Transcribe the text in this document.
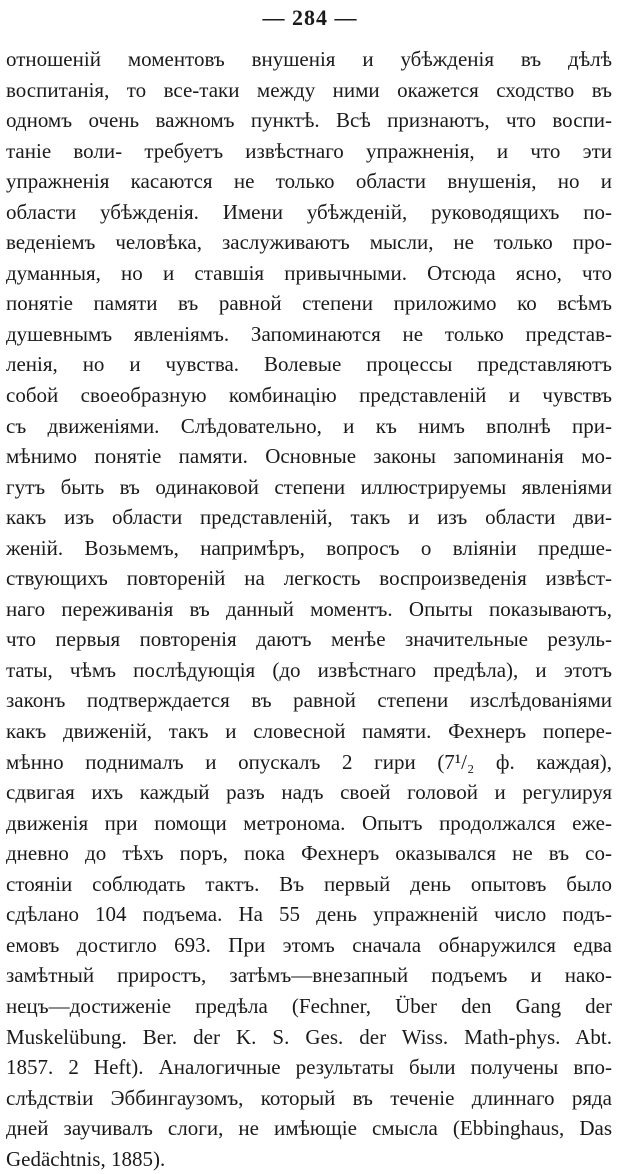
— 284 —
отношенiй моментовъ внушенiя и убѣжденiя въ дѣлѣ
воспитанiя, то все-таки между ними окажется сходство въ
одномъ очень важномъ пунктѣ. Всѣ признаютъ, что воспи-
танiе воли- требуетъ извѣстнаго упражненiя, и что эти
упражненiя касаются не только области внушенiя, но и
области убѣжденiя. Имени убѣжденiй, руководящихъ по-
веденiемъ человѣка, заслуживаютъ мысли, не только про-
думанныя, но и ставшiя привычными. Отсюда ясно, что
понятiе памяти въ равной степени приложимо ко всѣмъ
душевнымъ явленiямъ. Запоминаются не только представ-
ленiя, но и чувства. Волевые процессы представляютъ
собой своеобразную комбинацiю представленiй и чувствъ
съ движенiями. Слѣдовательно, и къ нимъ вполнѣ при-
мѣнимо понятiе памяти. Основные законы запоминанiя мо-
гутъ быть въ одинаковой степени иллюстрируемы явленiями
какъ изъ области представленiй, такъ и изъ области дви-
женiй. Возьмемъ, напримѣръ, вопросъ о влiянiи предше-
ствующихъ повторенiй на легкость воспроизведенiя извѣст-
наго переживанiя въ данный моментъ. Опыты показываютъ,
что первыя повторенiя даютъ менѣе значительные резуль-
таты, чѣмъ послѣдующiя (до извѣстнаго предѣла), и этотъ
законъ подтверждается въ равной степени изслѣдованiями
какъ движенiй, такъ и словесной памяти. Фехнеръ попере-
мѣнно поднималъ и опускалъ 2 гири (7¹/₂ ф. каждая),
сдвигая ихъ каждый разъ надъ своей головой и регулируя
движенiя при помощи метронома. Опытъ продолжался еже-
дневно до тѣхъ поръ, пока Фехнеръ оказывался не въ со-
стоянiи соблюдать тактъ. Въ первый день опытовъ было
сдѣлано 104 подъема. На 55 день упражненiй число подъ-
емовъ достигло 693. При этомъ сначала обнаружился едва
замѣтный приростъ, затѣмъ—внезапный подъемъ и нако-
нецъ—достиженiе предѣла (Fechner, Über den Gang der
Muskelübung. Ber. der K. S. Ges. der Wiss. Math-phys. Abt.
1857. 2 Heft). Аналогичные результаты были получены впо-
слѣдствiи Эббингаузомъ, который въ теченiе длиннаго ряда
дней заучивалъ слоги, не имѣющiе смысла (Ebbinghaus, Das
Gedächtnis, 1885).
